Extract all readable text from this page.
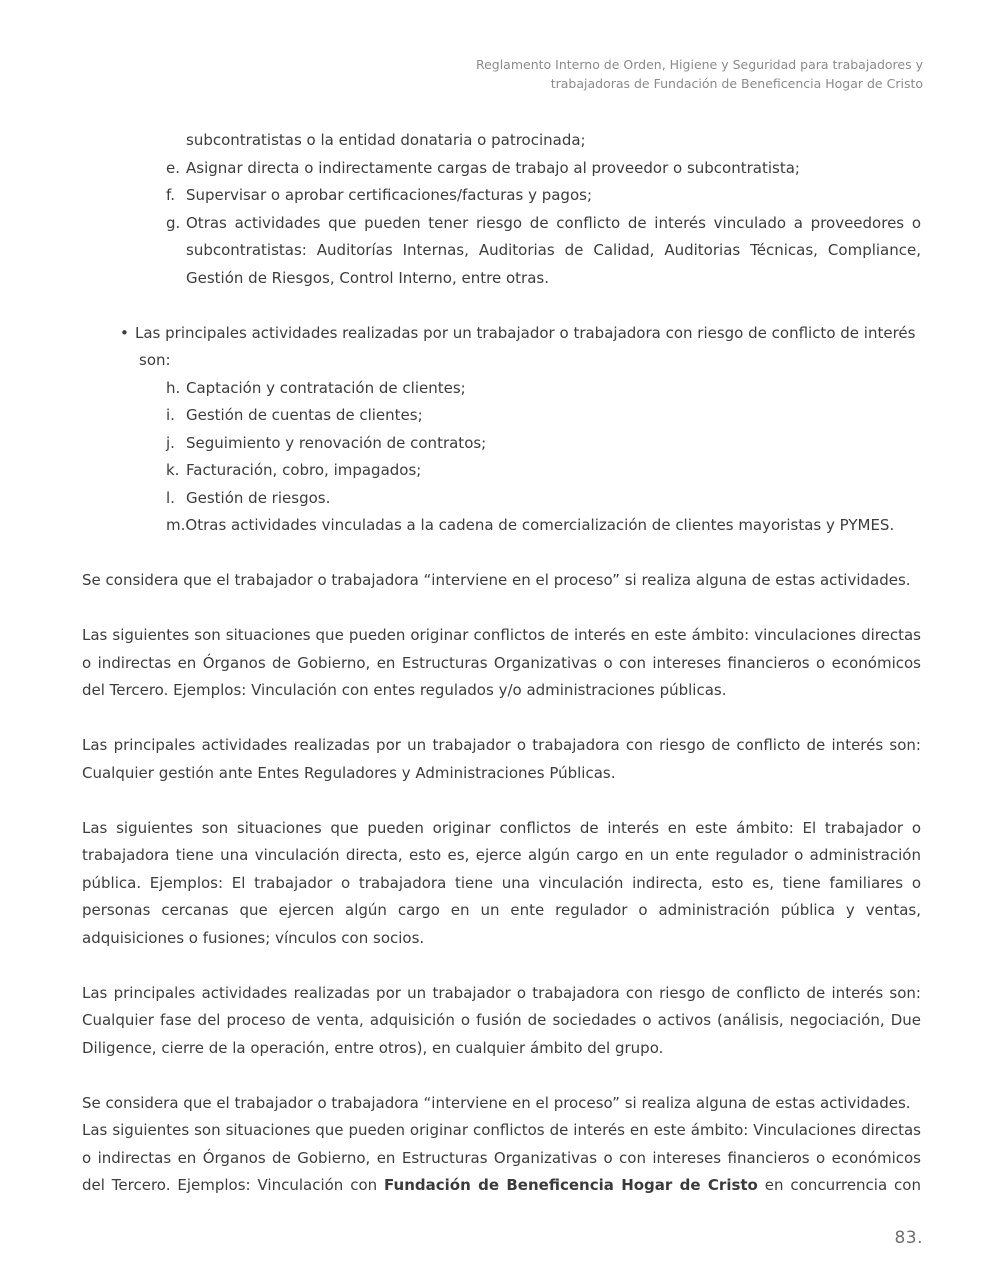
Reglamento Interno de Orden, Higiene y Seguridad para trabajadores y
trabajadoras de Fundación de Beneficencia Hogar de Cristo
subcontratistas o la entidad donataria o patrocinada;
e. Asignar directa o indirectamente cargas de trabajo al proveedor o subcontratista;
f. Supervisar o aprobar certificaciones/facturas y pagos;
g. Otras actividades que pueden tener riesgo de conflicto de interés vinculado a proveedores o subcontratistas: Auditorías Internas, Auditorias de Calidad, Auditorias Técnicas, Compliance, Gestión de Riesgos, Control Interno, entre otras.
• Las principales actividades realizadas por un trabajador o trabajadora con riesgo de conflicto de interés
son:
h. Captación y contratación de clientes;
i. Gestión de cuentas de clientes;
j. Seguimiento y renovación de contratos;
k. Facturación, cobro, impagados;
l. Gestión de riesgos.
m.Otras actividades vinculadas a la cadena de comercialización de clientes mayoristas y PYMES.

Se considera que el trabajador o trabajadora “interviene en el proceso” si realiza alguna de estas actividades.

Las siguientes son situaciones que pueden originar conflictos de interés en este ámbito: vinculaciones directas o indirectas en Órganos de Gobierno, en Estructuras Organizativas o con intereses financieros o económicos del Tercero. Ejemplos: Vinculación con entes regulados y/o administraciones públicas.

Las principales actividades realizadas por un trabajador o trabajadora con riesgo de conflicto de interés son: Cualquier gestión ante Entes Reguladores y Administraciones Públicas.

Las siguientes son situaciones que pueden originar conflictos de interés en este ámbito: El trabajador o trabajadora tiene una vinculación directa, esto es, ejerce algún cargo en un ente regulador o administración pública. Ejemplos: El trabajador o trabajadora tiene una vinculación indirecta, esto es, tiene familiares o personas cercanas que ejercen algún cargo en un ente regulador o administración pública y ventas, adquisiciones o fusiones; vínculos con socios.

Las principales actividades realizadas por un trabajador o trabajadora con riesgo de conflicto de interés son: Cualquier fase del proceso de venta, adquisición o fusión de sociedades o activos (análisis, negociación, Due Diligence, cierre de la operación, entre otros), en cualquier ámbito del grupo.

Se considera que el trabajador o trabajadora “interviene en el proceso” si realiza alguna de estas actividades.

Las siguientes son situaciones que pueden originar conflictos de interés en este ámbito: Vinculaciones directas o indirectas en Órganos de Gobierno, en Estructuras Organizativas o con intereses financieros o económicos del Tercero. Ejemplos: Vinculación con Fundación de Beneficencia Hogar de Cristo en concurrencia con

83.
